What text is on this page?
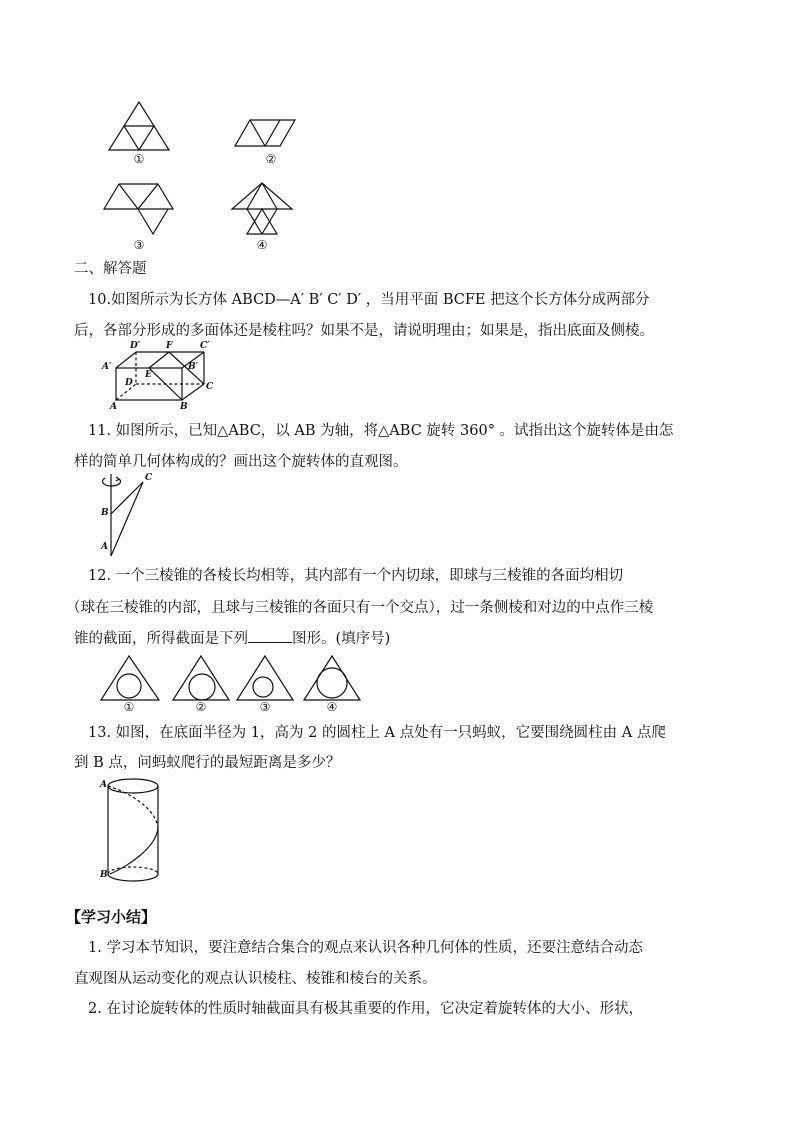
①	②
③	④
二、解答题
10.如图所示为长方体 ABCD—A′ B′ C′ D′ ，当用平面 BCFE 把这个长方体分成两部分
后，各部分形成的多面体还是棱柱吗？如果不是，请说明理由；如果是，指出底面及侧棱。
D′	F	C′
A′
E
B′
D	C
A	B
11. 如图所示，已知△ABC，以 AB 为轴，将△ABC 旋转 360° 。试指出这个旋转体是由怎
样的简单几何体构成的？画出这个旋转体的直观图。
C
B
A
12. 一个三棱锥的各棱长均相等，其内部有一个内切球，即球与三棱锥的各面均相切
（球在三棱锥的内部，且球与三棱锥的各面只有一个交点），过一条侧棱和对边的中点作三棱
锥的截面，所得截面是下列	图形。(填序号)
①	②	③	④
13. 如图，在底面半径为 1，高为 2 的圆柱上 A 点处有一只蚂蚁，它要围绕圆柱由 A 点爬
到 B 点，问蚂蚁爬行的最短距离是多少？
A
B
【学习小结】
1. 学习本节知识，要注意结合集合的观点来认识各种几何体的性质，还要注意结合动态
直观图从运动变化的观点认识棱柱、棱锥和棱台的关系。
2. 在讨论旋转体的性质时轴截面具有极其重要的作用，它决定着旋转体的大小、形状，
